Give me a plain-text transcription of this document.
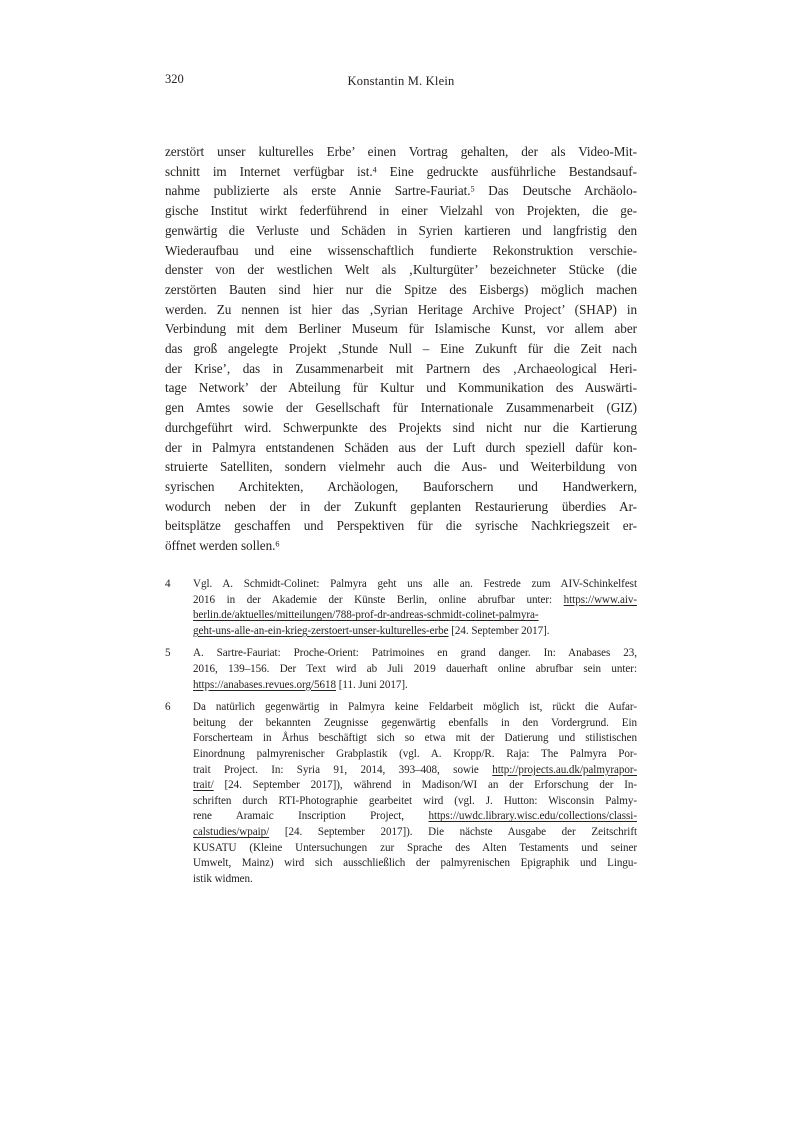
320	Konstantin M. Klein
zerstört unser kulturelles Erbe’ einen Vortrag gehalten, der als Video-Mit-
schnitt im Internet verfügbar ist.$^4$ Eine gedruckte ausführliche Bestandsauf-
nahme publizierte als erste Annie Sartre-Fauriat.$^5$ Das Deutsche Archäolo-
gische Institut wirkt federführend in einer Vielzahl von Projekten, die ge-
genwärtig die Verluste und Schäden in Syrien kartieren und langfristig den
Wiederaufbau und eine wissenschaftlich fundierte Rekonstruktion verschie-
denster von der westlichen Welt als ‚Kulturgüter’ bezeichneter Stücke (die
zerstörten Bauten sind hier nur die Spitze des Eisbergs) möglich machen
werden. Zu nennen ist hier das ‚Syrian Heritage Archive Project’ (SHAP) in
Verbindung mit dem Berliner Museum für Islamische Kunst, vor allem aber
das groß angelegte Projekt ‚Stunde Null – Eine Zukunft für die Zeit nach
der Krise’, das in Zusammenarbeit mit Partnern des ‚Archaeological Heri-
tage Network’ der Abteilung für Kultur und Kommunikation des Auswärti-
gen Amtes sowie der Gesellschaft für Internationale Zusammenarbeit (GIZ)
durchgeführt wird. Schwerpunkte des Projekts sind nicht nur die Kartierung
der in Palmyra entstandenen Schäden aus der Luft durch speziell dafür kon-
struierte Satelliten, sondern vielmehr auch die Aus- und Weiterbildung von
syrischen Architekten, Archäologen, Bauforschern und Handwerkern,
wodurch neben der in der Zukunft geplanten Restaurierung überdies Ar-
beitsplätze geschaffen und Perspektiven für die syrische Nachkriegszeit er-
öffnet werden sollen.$^6$
4	Vgl. A. Schmidt-Colinet: Palmyra geht uns alle an. Festrede zum AIV-Schinkelfest
2016 in der Akademie der Künste Berlin, online abrufbar unter: https://www.aiv-
berlin.de/aktuelles/mitteilungen/788-prof-dr-andreas-schmidt-colinet-palmyra-
geht-uns-alle-an-ein-krieg-zerstoert-unser-kulturelles-erbe [24. September 2017].
5	A. Sartre-Fauriat: Proche-Orient: Patrimoines en grand danger. In: Anabases 23,
2016, 139–156. Der Text wird ab Juli 2019 dauerhaft online abrufbar sein unter:
https://anabases.revues.org/5618 [11. Juni 2017].
6	Da natürlich gegenwärtig in Palmyra keine Feldarbeit möglich ist, rückt die Aufar-
beitung der bekannten Zeugnisse gegenwärtig ebenfalls in den Vordergrund. Ein
Forscherteam in Århus beschäftigt sich so etwa mit der Datierung und stilistischen
Einordnung palmyrenischer Grabplastik (vgl. A. Kropp/R. Raja: The Palmyra Por-
trait Project. In: Syria 91, 2014, 393–408, sowie http://projects.au.dk/palmyrapor-
trait/ [24. September 2017]), während in Madison/WI an der Erforschung der In-
schriften durch RTI-Photographie gearbeitet wird (vgl. J. Hutton: Wisconsin Palmy-
rene Aramaic Inscription Project, https://uwdc.library.wisc.edu/collections/classi-
calstudies/wpaip/ [24. September 2017]). Die nächste Ausgabe der Zeitschrift
KUSATU (Kleine Untersuchungen zur Sprache des Alten Testaments und seiner
Umwelt, Mainz) wird sich ausschließlich der palmyrenischen Epigraphik und Lingu-
istik widmen.
